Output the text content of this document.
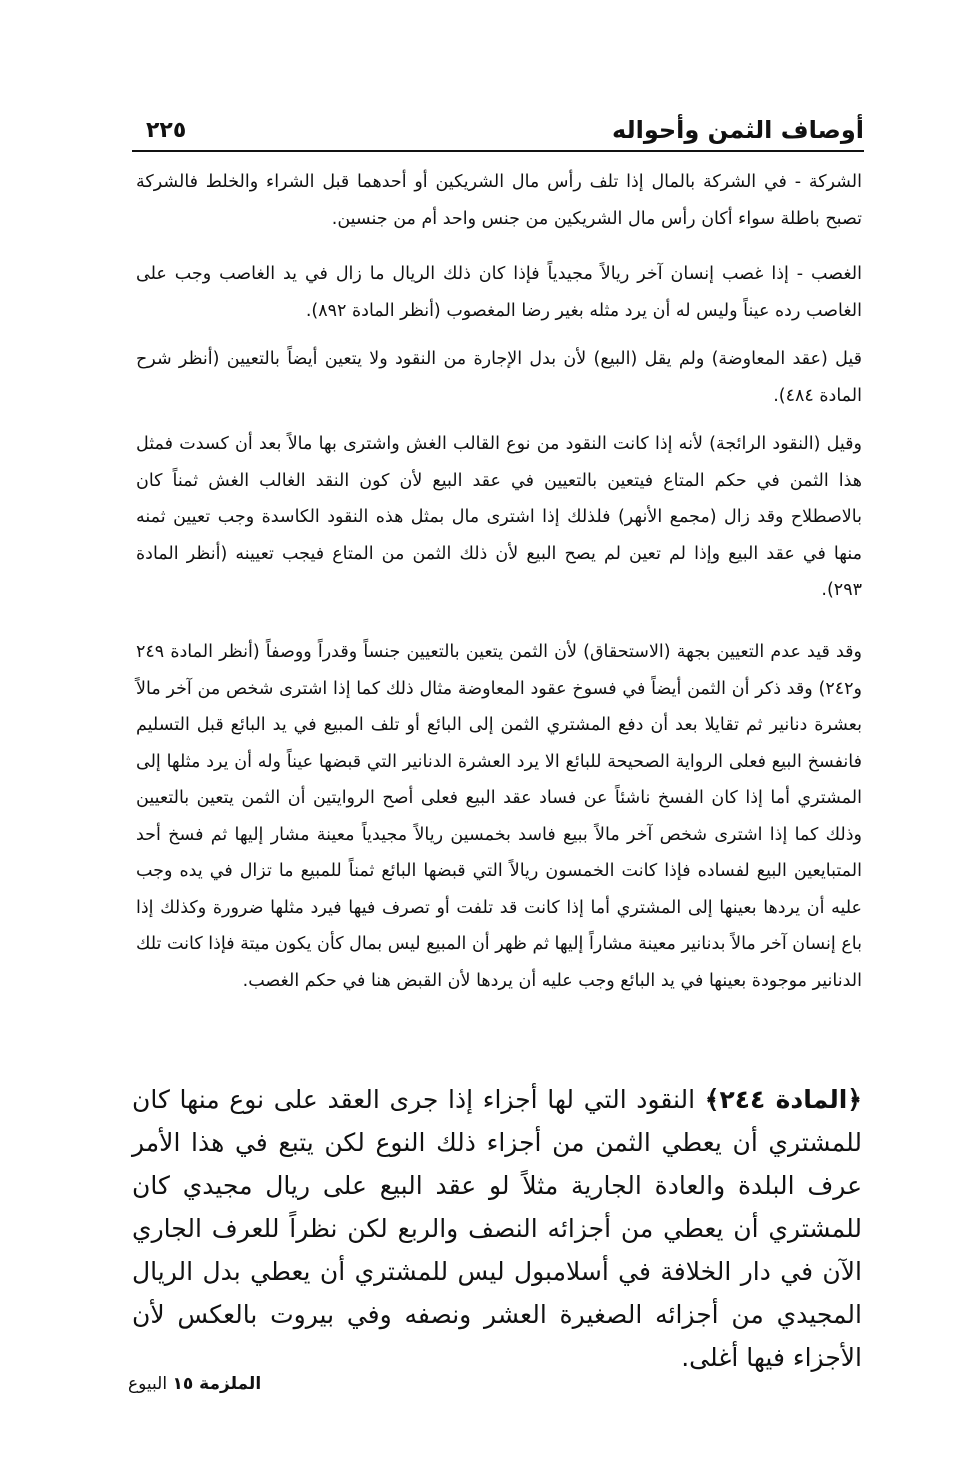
أوصاف الثمن وأحواله
٢٢٥

الشركة - في الشركة بالمال إذا تلف رأس مال الشريكين أو أحدهما قبل الشراء والخلط فالشركة تصبح باطلة سواء أكان رأس مال الشريكين من جنس واحد أم من جنسين.

الغصب - إذا غصب إنسان آخر ريالاً مجيدياً فإذا كان ذلك الريال ما زال في يد الغاصب وجب على الغاصب رده عيناً وليس له أن يرد مثله بغير رضا المغصوب (أنظر المادة ٨٩٢).

قيل (عقد المعاوضة) ولم يقل (البيع) لأن بدل الإجارة من النقود ولا يتعين أيضاً بالتعيين (أنظر شرح المادة ٤٨٤).

وقيل (النقود الرائجة) لأنه إذا كانت النقود من نوع القالب الغش واشترى بها مالاً بعد أن كسدت فمثل هذا الثمن في حكم المتاع فيتعين بالتعيين في عقد البيع لأن كون النقد الغالب الغش ثمناً كان بالاصطلاح وقد زال (مجمع الأنهر) فلذلك إذا اشترى مال بمثل هذه النقود الكاسدة وجب تعيين ثمنه منها في عقد البيع وإذا لم تعين لم يصح البيع لأن ذلك الثمن من المتاع فيجب تعيينه (أنظر المادة ٢٩٣).

وقد قيد عدم التعيين بجهة (الاستحقاق) لأن الثمن يتعين بالتعيين جنساً وقدراً ووصفاً (أنظر المادة ٢٤٩ و٢٤٢) وقد ذكر أن الثمن أيضاً في فسوخ عقود المعاوضة مثال ذلك كما إذا اشترى شخص من آخر مالاً بعشرة دنانير ثم تقايلا بعد أن دفع المشتري الثمن إلى البائع أو تلف المبيع في يد البائع قبل التسليم فانفسخ البيع فعلى الرواية الصحيحة للبائع الا يرد العشرة الدنانير التي قبضها عيناً وله أن يرد مثلها إلى المشتري أما إذا كان الفسخ ناشئاً عن فساد عقد البيع فعلى أصح الروايتين أن الثمن يتعين بالتعيين وذلك كما إذا اشترى شخص آخر مالاً ببيع فاسد بخمسين ريالاً مجيدياً معينة مشار إليها ثم فسخ أحد المتبايعين البيع لفساده فإذا كانت الخمسون ريالاً التي قبضها البائع ثمناً للمبيع ما تزال في يده وجب عليه أن يردها بعينها إلى المشتري أما إذا كانت قد تلفت أو تصرف فيها فيرد مثلها ضرورة وكذلك إذا باع إنسان آخر مالاً بدنانير معينة مشاراً إليها ثم ظهر أن المبيع ليس بمال كأن يكون ميتة فإذا كانت تلك الدنانير موجودة بعينها في يد البائع وجب عليه أن يردها لأن القبض هنا في حكم الغصب.

﴿المادة ٢٤٤﴾ النقود التي لها أجزاء إذا جرى العقد على نوع منها كان للمشتري أن يعطي الثمن من أجزاء ذلك النوع لكن يتبع في هذا الأمر عرف البلدة والعادة الجارية مثلاً لو عقد البيع على ريال مجيدي كان للمشتري أن يعطي من أجزائه النصف والربع لكن نظراً للعرف الجاري الآن في دار الخلافة في أسلامبول ليس للمشتري أن يعطي بدل الريال المجيدي من أجزائه الصغيرة العشر ونصفه وفي بيروت بالعكس لأن الأجزاء فيها أغلى.

الملزمة ١٥ البيوع
